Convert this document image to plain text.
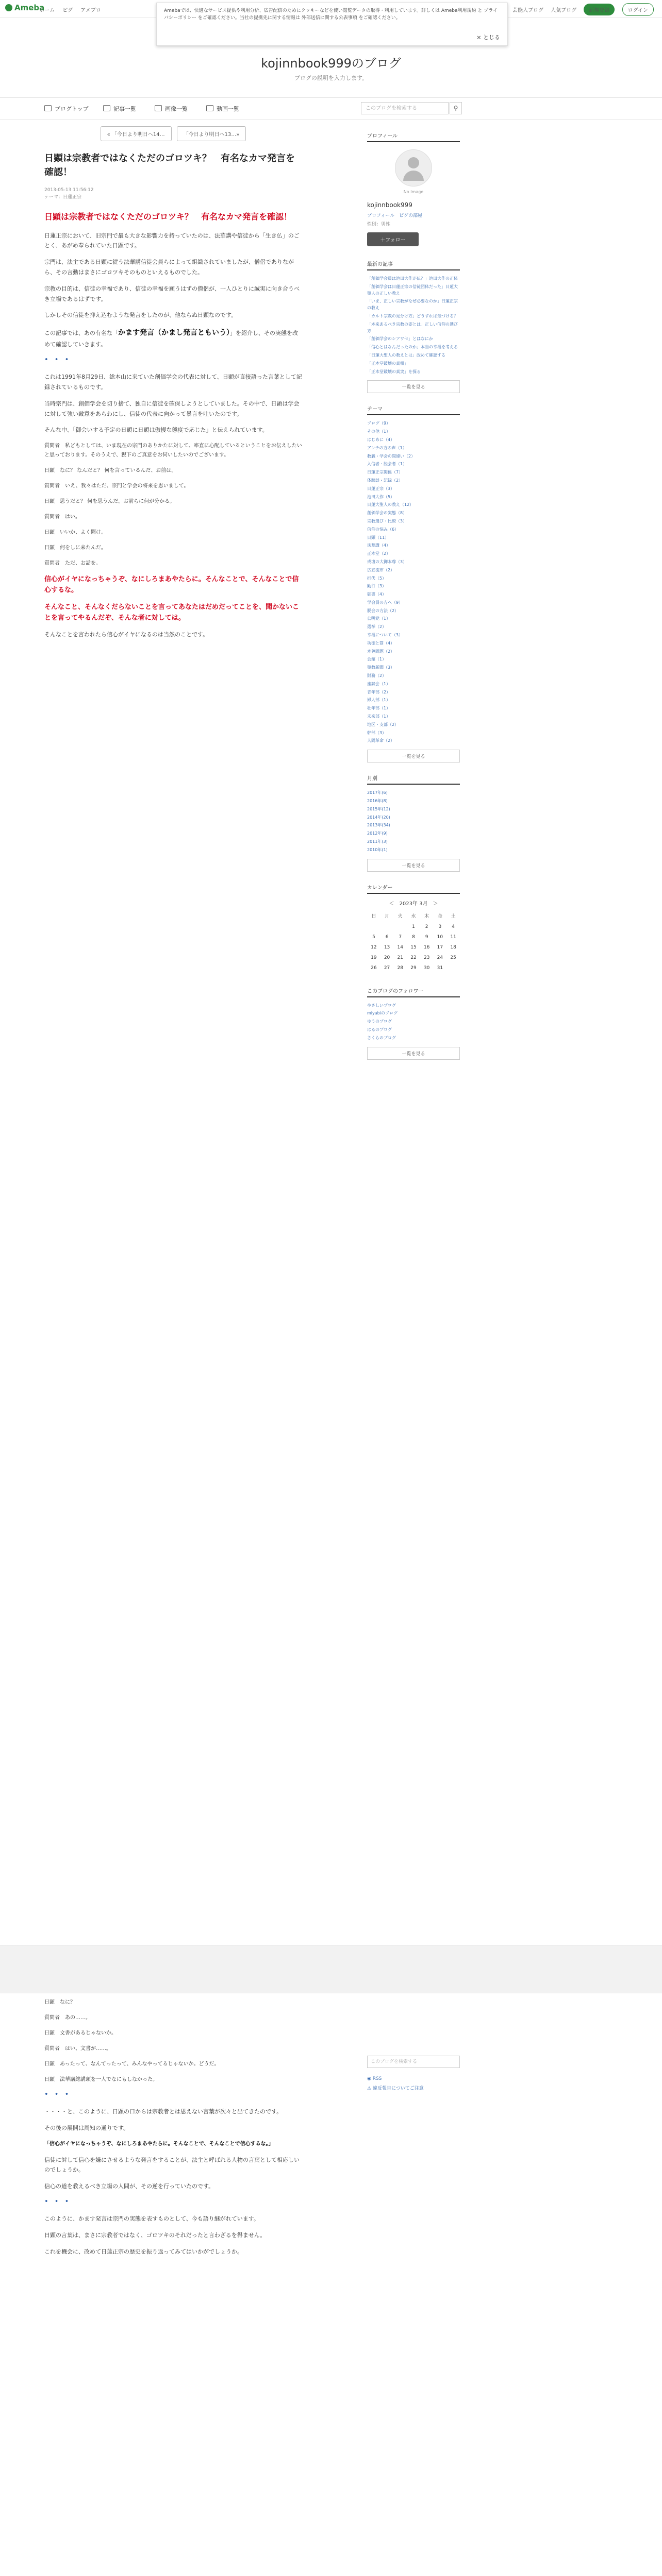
Ameba
ホーム ピグ アメブロ	芸能人ブログ 人気ブログ 新規登録	ログイン

Amebaでは、快適なサービス提供や利用分析、広告配信のためにクッキーなどを使い閲覧データの取得・利用しています。詳しくは Ameba利用規約 と プライバシーポリシー をご確認ください。当社の提携先に関する情報は 外部送信に関する公表事項 をご確認ください。

× とじる
kojinnbook999のブログ
ブログの説明を入力します。
ブログトップ	記事一覧	画像一覧	動画一覧	このブログを検索する	⚲
« 「今日より明日へ14…	「今日より明日へ13…»
日顕は宗教者ではなくただのゴロツキ？　有名なカマ発言を確認！
2013-05-13 11:56:12
テーマ：日蓮正宗
日顕は宗教者ではなくただのゴロツキ？　有名なカマ発言を確認！

日蓮正宗において、旧宗門で最も大きな影響力を持っていたのは、法華講や信徒から「生き仏」のごとく、あがめ奉られていた日顕です。

宗門は、法主である日顕に従う法華講信徒会員らによって組織されていましたが、僧侶でありながら、その言動はまさにゴロツキそのものといえるものでした。

宗教の目的は、信徒の幸福であり、信徒の幸福を願うはずの僧侶が、一人ひとりに誠実に向き合うべき立場であるはずです。

しかしその信徒を抑え込むような発言をしたのが、他ならぬ日顕なのです。

この記事では、あの有名な「かます発言（かまし発言ともいう）」を紹介し、その実態を改めて確認していきます。

• • •

これは1991年8月29日、総本山に来ていた創価学会の代表に対して、日顕が直接語った言葉として記録されているものです。

当時宗門は、創価学会を切り捨て、独自に信徒を確保しようとしていました。その中で、日顕は学会に対して強い敵意をあらわにし、信徒の代表に向かって暴言を吐いたのです。

そんな中、「御会いする予定の日顕に日顕は傲慢な態度で応じた」と伝えられています。

質問者　私どもとしては、いま現在の宗門のありかたに対して、率直に心配しているということをお伝えしたいと思っております。そのうえで、猊下のご真意をお伺いしたいのでございます。

日顕　なに？ なんだと？ 何を言っているんだ、お前は。

質問者　いえ、我々はただ、宗門と学会の将来を思いまして。

日顕　思うだと？ 何を思うんだ。お前らに何が分かる。

質問者　はい。

日顕　いいか、よく聞け。

日顕　何をしに来たんだ。

質問者　ただ、お話を。

信心がイヤになっちゃうぞ、なにしろまあやたらに。そんなことで、そんなことで信心するな。

そんなこと、そんなくだらないことを言ってあなたはだめだってことを、聞かないことを言ってやるんだぞ、そんな者に対しては。

そんなことを言われたら信心がイヤになるのは当然のことです。

日顕　なに？

質問者　あの……。

日顕　文書があるじゃないか。

質問者　はい、文書が……。

日顕　あったって、なんてったって、みんなやってるじゃないか。どうだ。

日顕　法華講総講頭を一人でなにもしなかった。

• • •

・・・・と、このように、日顕の口からは宗教者とは思えない言葉が次々と出てきたのです。

その後の展開は周知の通りです。

「信心がイヤになっちゃうぞ、なにしろまあやたらに。そんなことで、そんなことで信心するな。」

信徒に対して信心を嫌にさせるような発言をすることが、法主と呼ばれる人物の言葉として相応しいのでしょうか。

信心の道を教えるべき立場の人間が、その逆を行っていたのです。

• • •

このように、かます発言は宗門の実態を表すものとして、今も語り継がれています。

日顕の言葉は、まさに宗教者ではなく、ゴロツキのそれだったと言わざるを得ません。

これを機会に、改めて日蓮正宗の歴史を振り返ってみてはいかがでしょうか。

プロフィール
No Image
kojinnbook999
プロフィール　ピグの部屋
性別：男性
＋フォロー
最新の記事
「創価学会員は池田大作が仏？」池田大作の正体
「創価学会は日蓮正宗の信徒団体だった」日蓮大聖人の正しい教え
「いま、正しい宗教がなぜ必要なのか」日蓮正宗の教え
「カルト宗教の見分け方」どうすれば気づける？
「本来あるべき宗教の姿とは」正しい信仰の選び方
「創価学会のシアワセ」とはなにか
「信心とはなんだったのか」本当の幸福を考える
「日蓮大聖人の教えとは」改めて確認する
「正本堂破壊の真相」
「正本堂破壊の真実」を探る
一覧を見る
テーマ
ブログ（9）
その他（1）
はじめに（4）
アンチの方の声（1）
教義・学会の間違い（2）
入信者・脱会者（1）
日蓮正宗関係（7）
体験談・記録（2）
日蓮正宗（3）
池田大作（5）
日蓮大聖人の教え（12）
創価学会の実態（8）
宗教選び・比較（3）
信仰の悩み（6）
日顕（11）
法華講（4）
正本堂（2）
戒壇の大御本尊（3）
広宣流布（2）
折伏（5）
勤行（3）
御書（4）
学会員の方へ（9）
脱会の方法（2）
公明党（1）
選挙（2）
幸福について（3）
功徳と罰（4）
本尊問題（2）
会館（1）
聖教新聞（3）
財務（2）
座談会（1）
青年部（2）
婦人部（1）
壮年部（1）
未来部（1）
地区・支部（2）
幹部（3）
人間革命（2）
一覧を見る
月別
2017年(6)
2016年(8)
2015年(12)
2014年(20)
2013年(34)
2012年(9)
2011年(3)
2010年(1)
一覧を見る
カレンダー
＜　2023年 3月　＞
日	月	火	水	木	金	土
			1	2	3	4
5	6	7	8	9	10	11
12	13	14	15	16	17	18
19	20	21	22	23	24	25
26	27	28	29	30	31	
このブログのフォロワー
やさしいブログ
miyabiのブログ
ゆうのブログ
はるのブログ
さくらのブログ
一覧を見る
このブログを検索する
◉ RSS
⚠ 違反報告についてご注意
